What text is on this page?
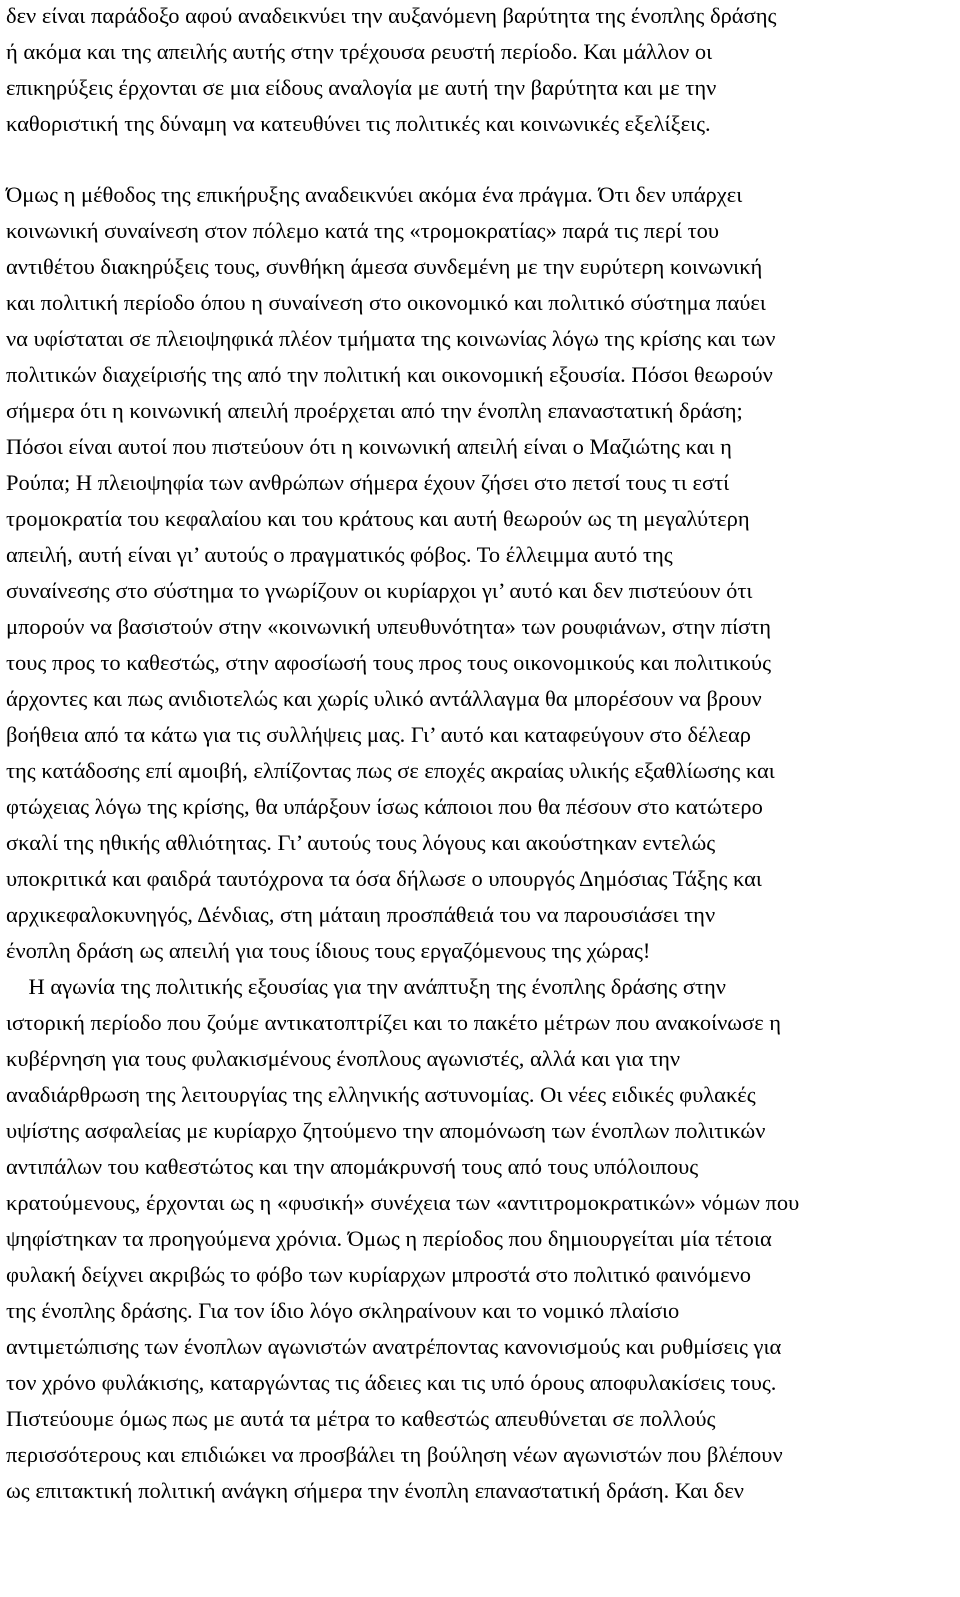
δεν είναι παράδοξο αφού αναδεικνύει την αυξανόμενη βαρύτητα της ένοπλης δράσης
ή ακόμα και της απειλής αυτής στην τρέχουσα ρευστή περίοδο. Και μάλλον οι
επικηρύξεις έρχονται σε μια είδους αναλογία με αυτή την βαρύτητα και με την
καθοριστική της δύναμη να κατευθύνει τις πολιτικές και κοινωνικές εξελίξεις.
Όμως η μέθοδος της επικήρυξης αναδεικνύει ακόμα ένα πράγμα. Ότι δεν υπάρχει
κοινωνική συναίνεση στον πόλεμο κατά της «τρομοκρατίας» παρά τις περί του
αντιθέτου διακηρύξεις τους, συνθήκη άμεσα συνδεμένη με την ευρύτερη κοινωνική
και πολιτική περίοδο όπου η συναίνεση στο οικονομικό και πολιτικό σύστημα παύει
να υφίσταται σε πλειοψηφικά πλέον τμήματα της κοινωνίας λόγω της κρίσης και των
πολιτικών διαχείρισής της από την πολιτική και οικονομική εξουσία. Πόσοι θεωρούν
σήμερα ότι η κοινωνική απειλή προέρχεται από την ένοπλη επαναστατική δράση;
Πόσοι είναι αυτοί που πιστεύουν ότι η κοινωνική απειλή είναι ο Μαζιώτης και η
Ρούπα; Η πλειοψηφία των ανθρώπων σήμερα έχουν ζήσει στο πετσί τους τι εστί
τρομοκρατία του κεφαλαίου και του κράτους και αυτή θεωρούν ως τη μεγαλύτερη
απειλή, αυτή είναι γι’ αυτούς ο πραγματικός φόβος. Το έλλειμμα αυτό της
συναίνεσης στο σύστημα το γνωρίζουν οι κυρίαρχοι γι’ αυτό και δεν πιστεύουν ότι
μπορούν να βασιστούν στην «κοινωνική υπευθυνότητα» των ρουφιάνων, στην πίστη
τους προς το καθεστώς, στην αφοσίωσή τους προς τους οικονομικούς και πολιτικούς
άρχοντες και πως ανιδιοτελώς και χωρίς υλικό αντάλλαγμα θα μπορέσουν να βρουν
βοήθεια από τα κάτω για τις συλλήψεις μας. Γι’ αυτό και καταφεύγουν στο δέλεαρ
της κατάδοσης επί αμοιβή, ελπίζοντας πως σε εποχές ακραίας υλικής εξαθλίωσης και
φτώχειας λόγω της κρίσης, θα υπάρξουν ίσως κάποιοι που θα πέσουν στο κατώτερο
σκαλί της ηθικής αθλιότητας. Γι’ αυτούς τους λόγους και ακούστηκαν εντελώς
υποκριτικά και φαιδρά ταυτόχρονα τα όσα δήλωσε ο υπουργός Δημόσιας Τάξης και
αρχικεφαλοκυνηγός, Δένδιας, στη μάταιη προσπάθειά του να παρουσιάσει την
ένοπλη δράση ως απειλή για τους ίδιους τους εργαζόμενους της χώρας!
Η αγωνία της πολιτικής εξουσίας για την ανάπτυξη της ένοπλης δράσης στην
ιστορική περίοδο που ζούμε αντικατοπτρίζει και το πακέτο μέτρων που ανακοίνωσε η
κυβέρνηση για τους φυλακισμένους ένοπλους αγωνιστές, αλλά και για την
αναδιάρθρωση της λειτουργίας της ελληνικής αστυνομίας. Οι νέες ειδικές φυλακές
υψίστης ασφαλείας με κυρίαρχο ζητούμενο την απομόνωση των ένοπλων πολιτικών
αντιπάλων του καθεστώτος και την απομάκρυνσή τους από τους υπόλοιπους
κρατούμενους, έρχονται ως η «φυσική» συνέχεια των «αντιτρομοκρατικών» νόμων που
ψηφίστηκαν τα προηγούμενα χρόνια. Όμως η περίοδος που δημιουργείται μία τέτοια
φυλακή δείχνει ακριβώς το φόβο των κυρίαρχων μπροστά στο πολιτικό φαινόμενο
της ένοπλης δράσης. Για τον ίδιο λόγο σκληραίνουν και το νομικό πλαίσιο
αντιμετώπισης των ένοπλων αγωνιστών ανατρέποντας κανονισμούς και ρυθμίσεις για
τον χρόνο φυλάκισης, καταργώντας τις άδειες και τις υπό όρους αποφυλακίσεις τους.
Πιστεύουμε όμως πως με αυτά τα μέτρα το καθεστώς απευθύνεται σε πολλούς
περισσότερους και επιδιώκει να προσβάλει τη βούληση νέων αγωνιστών που βλέπουν
ως επιτακτική πολιτική ανάγκη σήμερα την ένοπλη επαναστατική δράση. Και δεν
